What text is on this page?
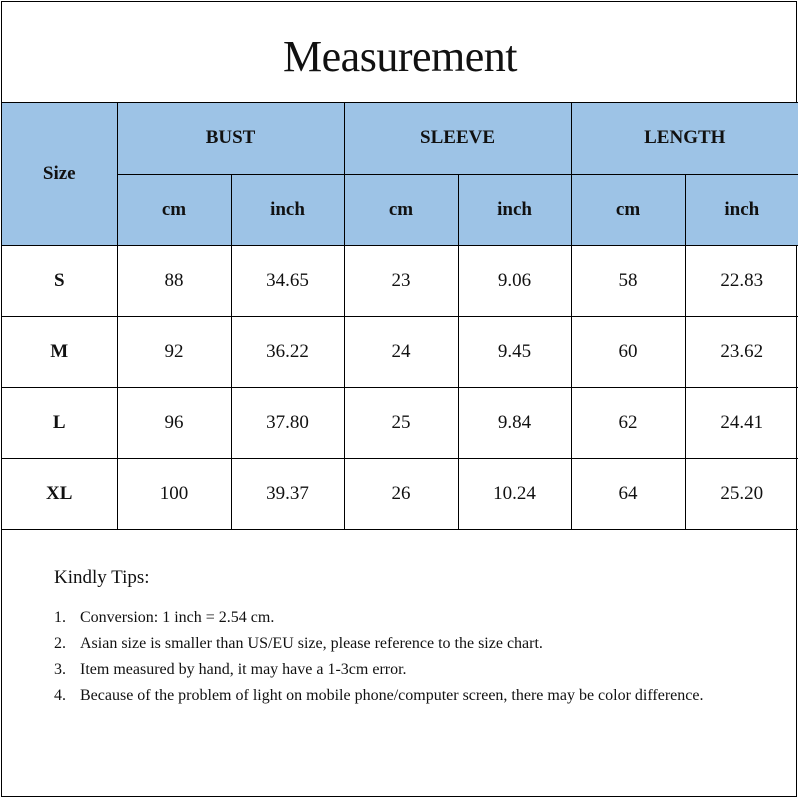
Measurement
Size	BUST		SLEEVE		LENGTH	
	cm	inch	cm	inch	cm	inch
S	88	34.65	23	9.06	58	22.83
M	92	36.22	24	9.45	60	23.62
L	96	37.80	25	9.84	62	24.41
XL	100	39.37	26	10.24	64	25.20
Kindly Tips:
1. Conversion: 1 inch = 2.54 cm.
2. Asian size is smaller than US/EU size, please reference to the size chart.
3. Item measured by hand, it may have a 1-3cm error.
4. Because of the problem of light on mobile phone/computer screen, there may be color difference.
